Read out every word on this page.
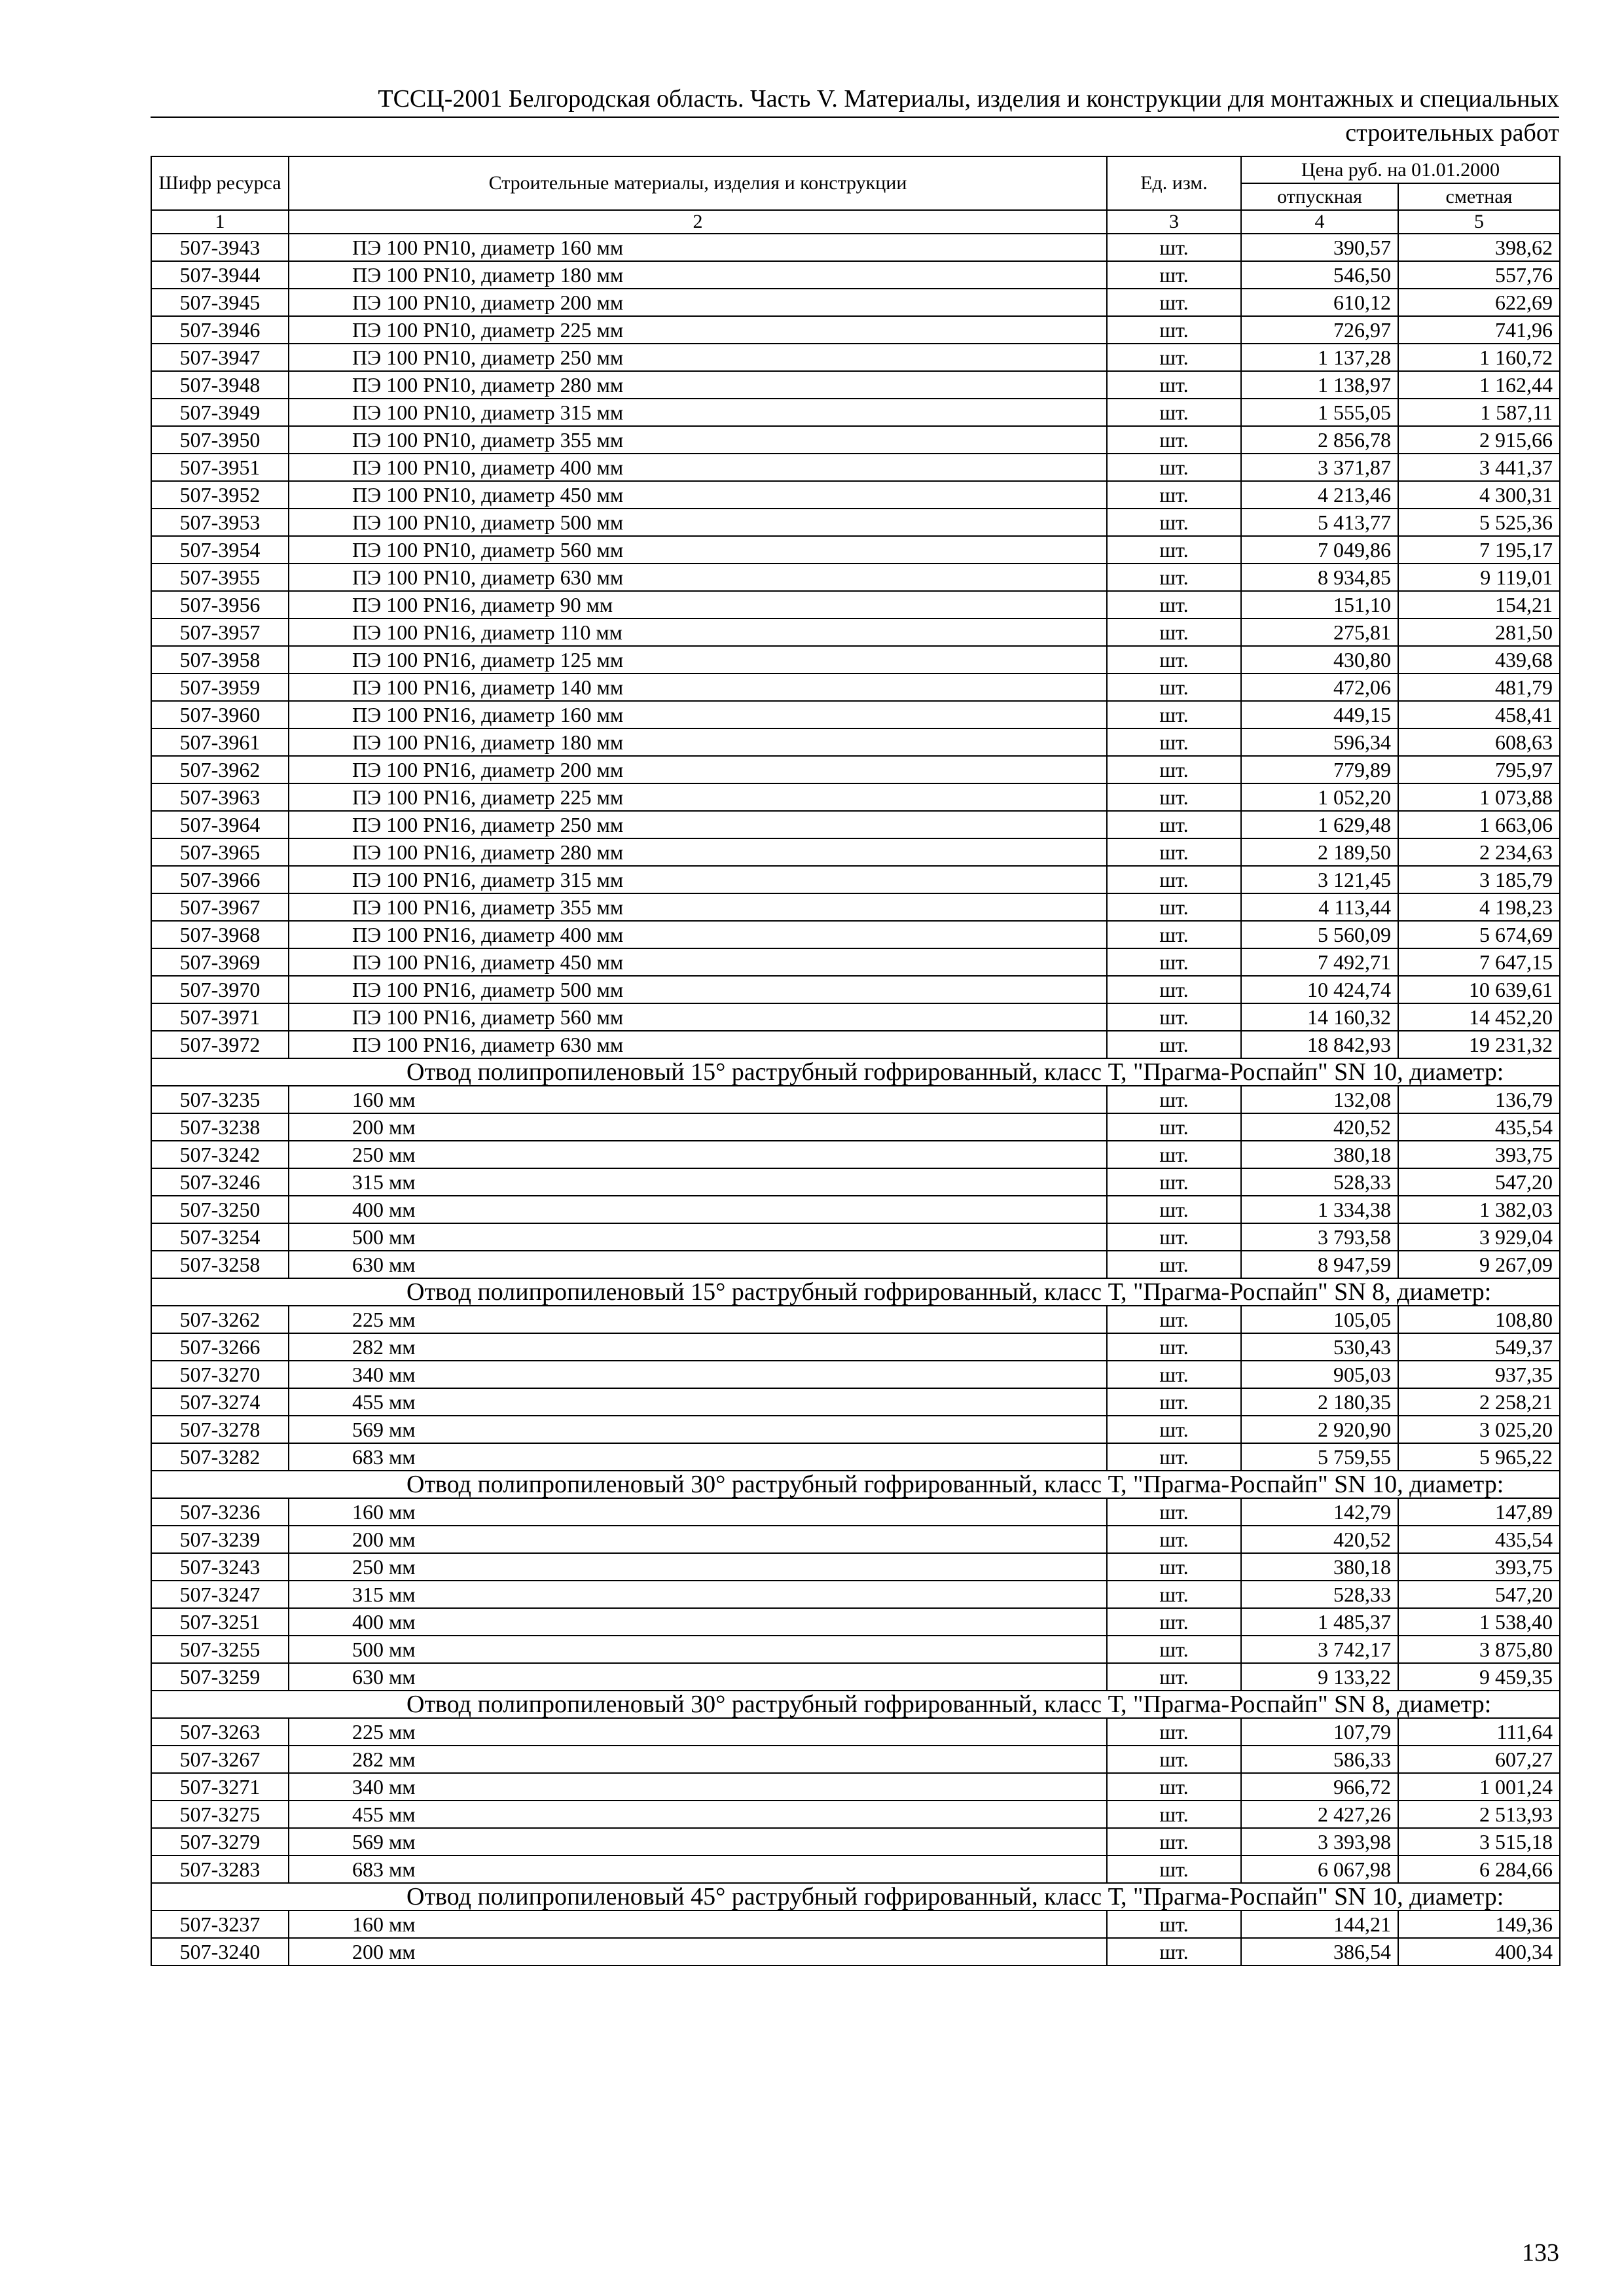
ТССЦ-2001 Белгородская область. Часть V. Материалы, изделия и конструкции для монтажных и специальных
строительных работ
Шифр ресурса	Строительные материалы, изделия и конструкции	Ед. изм.	Цена руб. на 01.01.2000	
			отпускная	сметная
1	2	3	4	5
507-3943	ПЭ 100 PN10, диаметр 160 мм	шт.	390,57	398,62
507-3944	ПЭ 100 PN10, диаметр 180 мм	шт.	546,50	557,76
507-3945	ПЭ 100 PN10, диаметр 200 мм	шт.	610,12	622,69
507-3946	ПЭ 100 PN10, диаметр 225 мм	шт.	726,97	741,96
507-3947	ПЭ 100 PN10, диаметр 250 мм	шт.	1 137,28	1 160,72
507-3948	ПЭ 100 PN10, диаметр 280 мм	шт.	1 138,97	1 162,44
507-3949	ПЭ 100 PN10, диаметр 315 мм	шт.	1 555,05	1 587,11
507-3950	ПЭ 100 PN10, диаметр 355 мм	шт.	2 856,78	2 915,66
507-3951	ПЭ 100 PN10, диаметр 400 мм	шт.	3 371,87	3 441,37
507-3952	ПЭ 100 PN10, диаметр 450 мм	шт.	4 213,46	4 300,31
507-3953	ПЭ 100 PN10, диаметр 500 мм	шт.	5 413,77	5 525,36
507-3954	ПЭ 100 PN10, диаметр 560 мм	шт.	7 049,86	7 195,17
507-3955	ПЭ 100 PN10, диаметр 630 мм	шт.	8 934,85	9 119,01
507-3956	ПЭ 100 PN16, диаметр 90 мм	шт.	151,10	154,21
507-3957	ПЭ 100 PN16, диаметр 110 мм	шт.	275,81	281,50
507-3958	ПЭ 100 PN16, диаметр 125 мм	шт.	430,80	439,68
507-3959	ПЭ 100 PN16, диаметр 140 мм	шт.	472,06	481,79
507-3960	ПЭ 100 PN16, диаметр 160 мм	шт.	449,15	458,41
507-3961	ПЭ 100 PN16, диаметр 180 мм	шт.	596,34	608,63
507-3962	ПЭ 100 PN16, диаметр 200 мм	шт.	779,89	795,97
507-3963	ПЭ 100 PN16, диаметр 225 мм	шт.	1 052,20	1 073,88
507-3964	ПЭ 100 PN16, диаметр 250 мм	шт.	1 629,48	1 663,06
507-3965	ПЭ 100 PN16, диаметр 280 мм	шт.	2 189,50	2 234,63
507-3966	ПЭ 100 PN16, диаметр 315 мм	шт.	3 121,45	3 185,79
507-3967	ПЭ 100 PN16, диаметр 355 мм	шт.	4 113,44	4 198,23
507-3968	ПЭ 100 PN16, диаметр 400 мм	шт.	5 560,09	5 674,69
507-3969	ПЭ 100 PN16, диаметр 450 мм	шт.	7 492,71	7 647,15
507-3970	ПЭ 100 PN16, диаметр 500 мм	шт.	10 424,74	10 639,61
507-3971	ПЭ 100 PN16, диаметр 560 мм	шт.	14 160,32	14 452,20
507-3972	ПЭ 100 PN16, диаметр 630 мм	шт.	18 842,93	19 231,32
	Отвод полипропиленовый 15° раструбный гофрированный, класс Т, "Прагма-Роспайп" SN 10, диаметр:			
507-3235	160 мм	шт.	132,08	136,79
507-3238	200 мм	шт.	420,52	435,54
507-3242	250 мм	шт.	380,18	393,75
507-3246	315 мм	шт.	528,33	547,20
507-3250	400 мм	шт.	1 334,38	1 382,03
507-3254	500 мм	шт.	3 793,58	3 929,04
507-3258	630 мм	шт.	8 947,59	9 267,09
	Отвод полипропиленовый 15° раструбный гофрированный, класс Т, "Прагма-Роспайп" SN 8, диаметр:			
507-3262	225 мм	шт.	105,05	108,80
507-3266	282 мм	шт.	530,43	549,37
507-3270	340 мм	шт.	905,03	937,35
507-3274	455 мм	шт.	2 180,35	2 258,21
507-3278	569 мм	шт.	2 920,90	3 025,20
507-3282	683 мм	шт.	5 759,55	5 965,22
	Отвод полипропиленовый 30° раструбный гофрированный, класс Т, "Прагма-Роспайп" SN 10, диаметр:			
507-3236	160 мм	шт.	142,79	147,89
507-3239	200 мм	шт.	420,52	435,54
507-3243	250 мм	шт.	380,18	393,75
507-3247	315 мм	шт.	528,33	547,20
507-3251	400 мм	шт.	1 485,37	1 538,40
507-3255	500 мм	шт.	3 742,17	3 875,80
507-3259	630 мм	шт.	9 133,22	9 459,35
	Отвод полипропиленовый 30° раструбный гофрированный, класс Т, "Прагма-Роспайп" SN 8, диаметр:			
507-3263	225 мм	шт.	107,79	111,64
507-3267	282 мм	шт.	586,33	607,27
507-3271	340 мм	шт.	966,72	1 001,24
507-3275	455 мм	шт.	2 427,26	2 513,93
507-3279	569 мм	шт.	3 393,98	3 515,18
507-3283	683 мм	шт.	6 067,98	6 284,66
	Отвод полипропиленовый 45° раструбный гофрированный, класс Т, "Прагма-Роспайп" SN 10, диаметр:			
507-3237	160 мм	шт.	144,21	149,36
507-3240	200 мм	шт.	386,54	400,34
133
